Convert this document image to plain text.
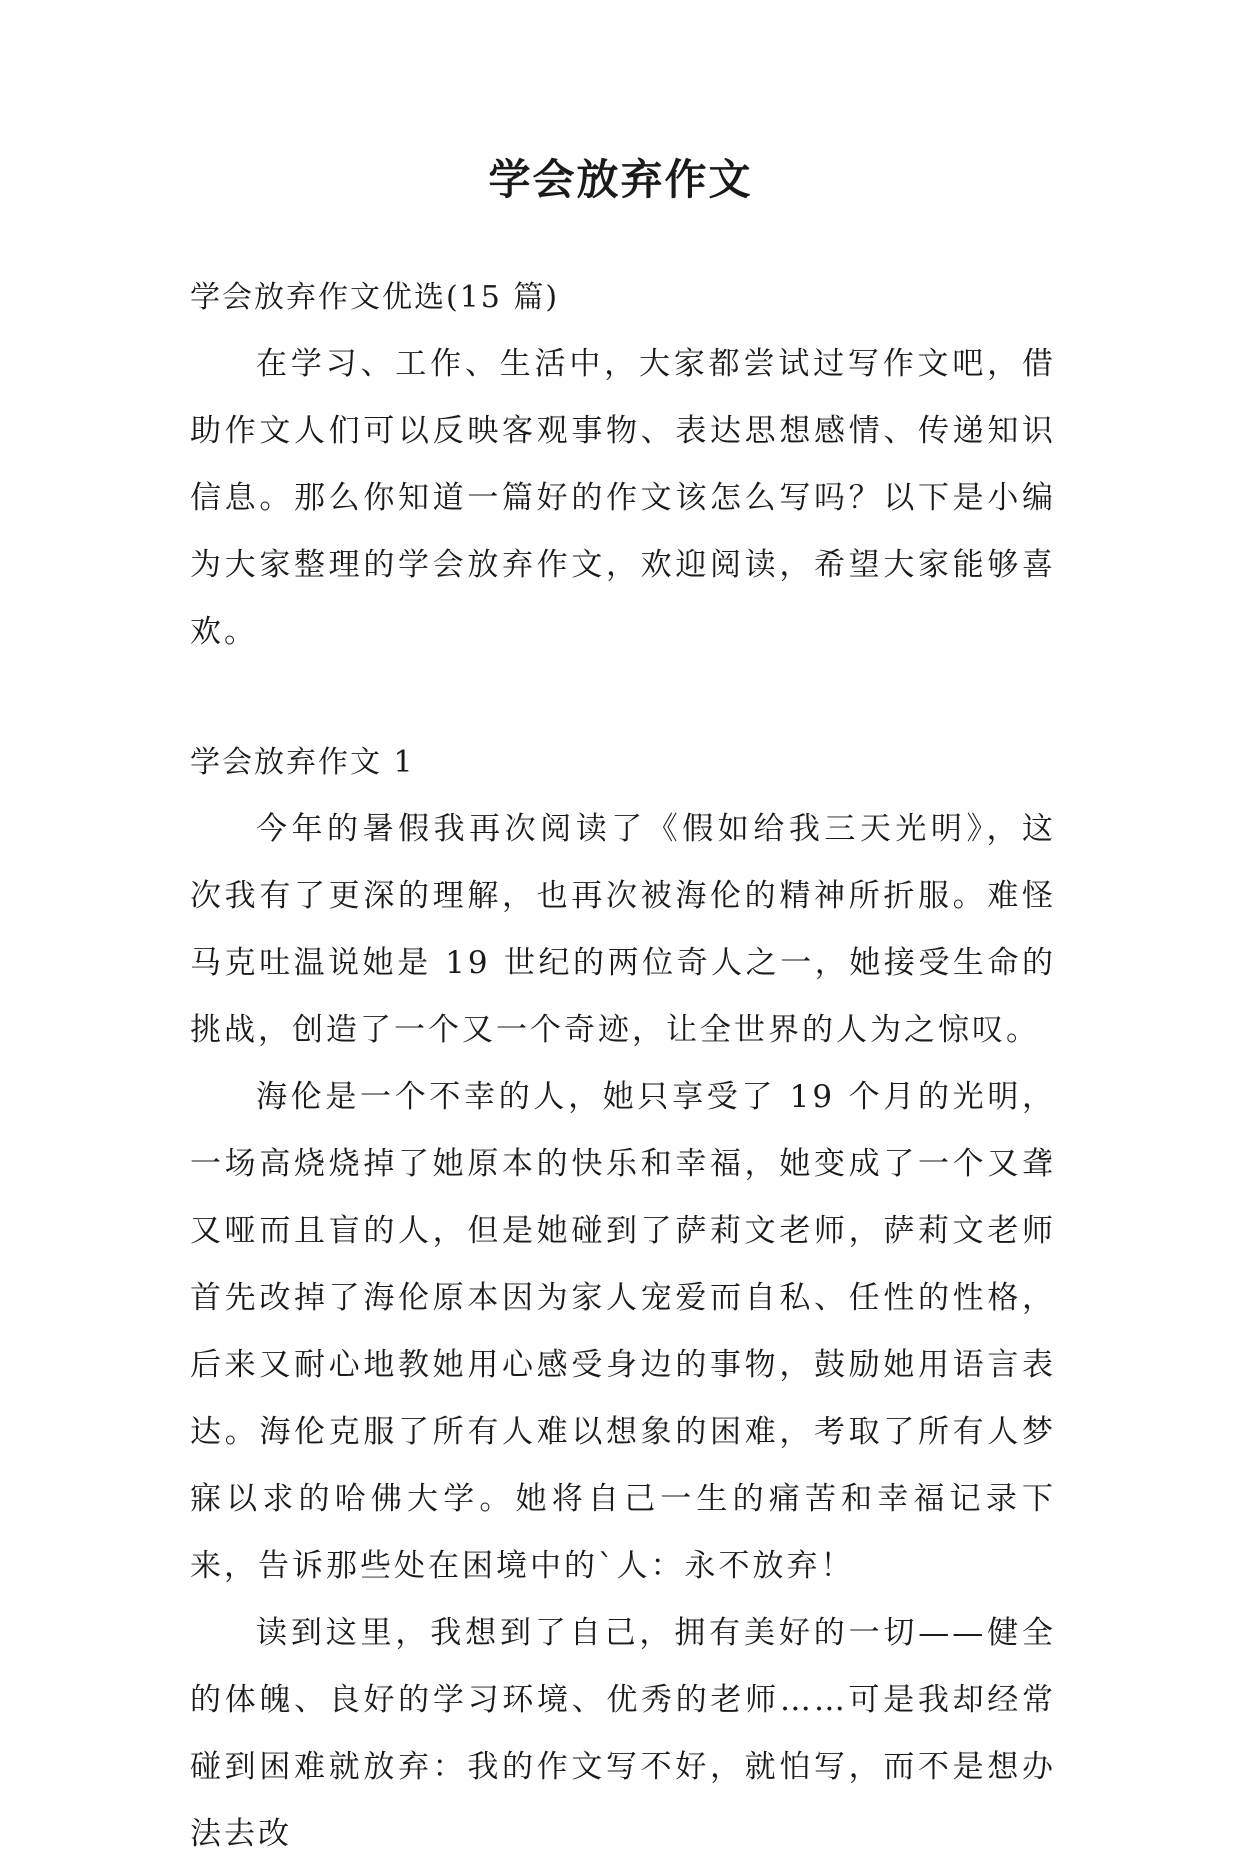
学会放弃作文

学会放弃作文优选(15 篇)

在学习、工作、生活中，大家都尝试过写作文吧，借助作文人们可以反映客观事物、表达思想感情、传递知识信息。那么你知道一篇好的作文该怎么写吗？以下是小编为大家整理的学会放弃作文，欢迎阅读，希望大家能够喜欢。

学会放弃作文 1

今年的暑假我再次阅读了《假如给我三天光明》，这次我有了更深的理解，也再次被海伦的精神所折服。难怪马克吐温说她是 19 世纪的两位奇人之一，她接受生命的挑战，创造了一个又一个奇迹，让全世界的人为之惊叹。

海伦是一个不幸的人，她只享受了 19 个月的光明，一场高烧烧掉了她原本的快乐和幸福，她变成了一个又聋又哑而且盲的人，但是她碰到了萨莉文老师，萨莉文老师首先改掉了海伦原本因为家人宠爱而自私、任性的性格，后来又耐心地教她用心感受身边的事物，鼓励她用语言表达。海伦克服了所有人难以想象的困难，考取了所有人梦寐以求的哈佛大学。她将自己一生的痛苦和幸福记录下来，告诉那些处在困境中的`人：永不放弃！

读到这里，我想到了自己，拥有美好的一切——健全的体魄、良好的学习环境、优秀的老师……可是我却经常碰到困难就放弃：我的作文写不好，就怕写，而不是想办法去改
